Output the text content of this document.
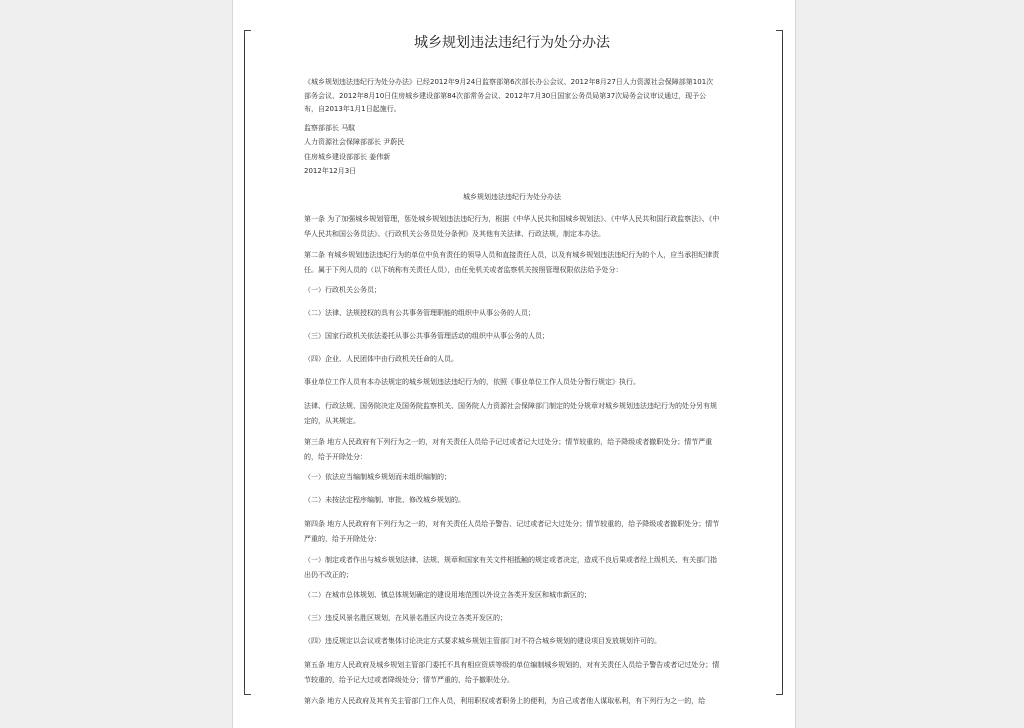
城乡规划违法违纪行为处分办法

《城乡规划违法违纪行为处分办法》已经2012年9月24日监察部第6次部长办公会议、2012年8月27日人力资源社会保障部第101次部务会议、2012年8月10日住房城乡建设部第84次部常务会议、2012年7月30日国家公务员局第37次局务会议审议通过，现予公布，自2013年1月1日起施行。

监察部部长 马馼
人力资源社会保障部部长 尹蔚民
住房城乡建设部部长 姜伟新
2012年12月3日
城乡规划违法违纪行为处分办法

第一条 为了加强城乡规划管理，惩处城乡规划违法违纪行为，根据《中华人民共和国城乡规划法》、《中华人民共和国行政监察法》、《中华人民共和国公务员法》、《行政机关公务员处分条例》及其他有关法律、行政法规，制定本办法。

第二条 有城乡规划违法违纪行为的单位中负有责任的领导人员和直接责任人员，以及有城乡规划违法违纪行为的个人，应当承担纪律责任。属于下列人员的（以下统称有关责任人员），由任免机关或者监察机关按照管理权限依法给予处分：

（一）行政机关公务员；

（二）法律、法规授权的具有公共事务管理职能的组织中从事公务的人员；

（三）国家行政机关依法委托从事公共事务管理活动的组织中从事公务的人员；

（四）企业、人民团体中由行政机关任命的人员。

事业单位工作人员有本办法规定的城乡规划违法违纪行为的，依照《事业单位工作人员处分暂行规定》执行。

法律、行政法规、国务院决定及国务院监察机关、国务院人力资源社会保障部门制定的处分规章对城乡规划违法违纪行为的处分另有规定的，从其规定。

第三条 地方人民政府有下列行为之一的，对有关责任人员给予记过或者记大过处分；情节较重的，给予降级或者撤职处分；情节严重的，给予开除处分：

（一）依法应当编制城乡规划而未组织编制的；

（二）未按法定程序编制、审批、修改城乡规划的。

第四条 地方人民政府有下列行为之一的，对有关责任人员给予警告、记过或者记大过处分；情节较重的，给予降级或者撤职处分；情节严重的，给予开除处分：

（一）制定或者作出与城乡规划法律、法规、规章和国家有关文件相抵触的规定或者决定，造成不良后果或者经上级机关、有关部门指出仍不改正的；

（二）在城市总体规划、镇总体规划确定的建设用地范围以外设立各类开发区和城市新区的；

（三）违反风景名胜区规划，在风景名胜区内设立各类开发区的；

（四）违反规定以会议或者集体讨论决定方式要求城乡规划主管部门对不符合城乡规划的建设项目发放规划许可的。

第五条 地方人民政府及城乡规划主管部门委托不具有相应资质等级的单位编制城乡规划的，对有关责任人员给予警告或者记过处分；情节较重的，给予记大过或者降级处分；情节严重的，给予撤职处分。

第六条 地方人民政府及其有关主管部门工作人员，利用职权或者职务上的便利，为自己或者他人谋取私利，有下列行为之一的，给
